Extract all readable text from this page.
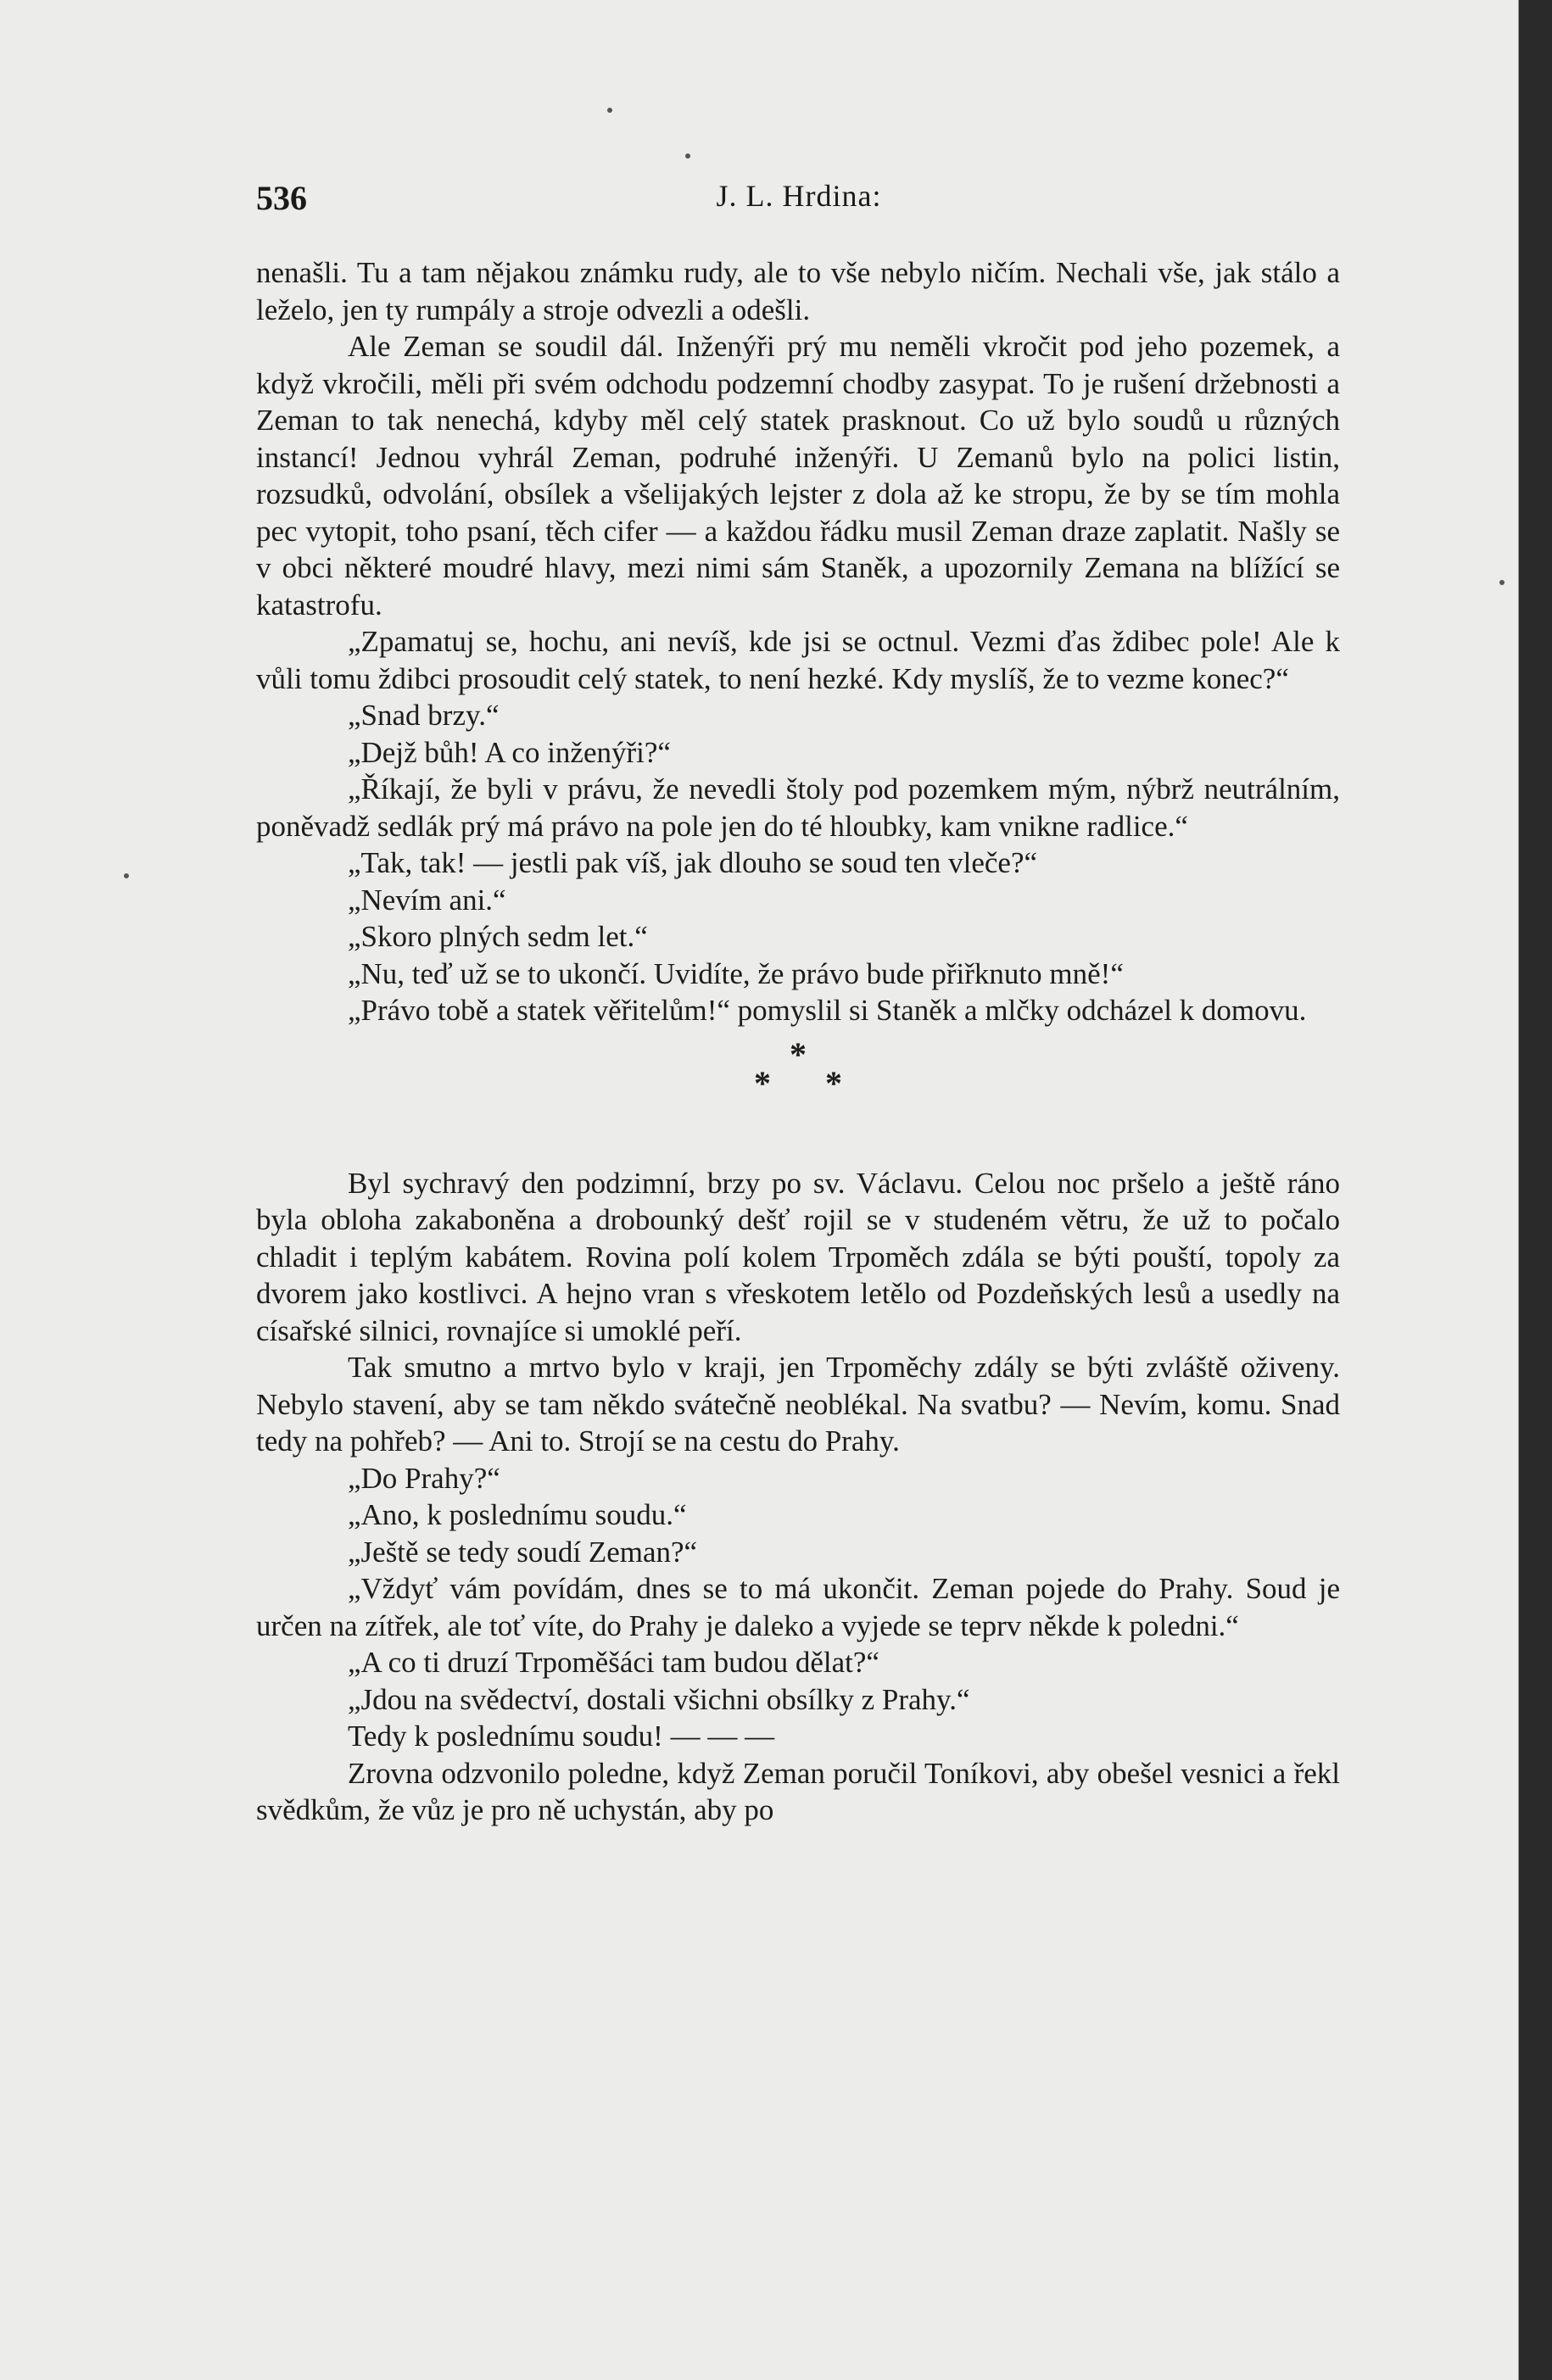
536	J. L. Hrdina:

nenašli. Tu a tam nějakou známku rudy, ale to vše nebylo ničím. Nechali vše, jak stálo a leželo, jen ty rumpály a stroje odvezli a odešli.

Ale Zeman se soudil dál. Inženýři prý mu neměli vkročit pod jeho pozemek, a když vkročili, měli při svém odchodu podzemní chodby zasypat. To je rušení držebnosti a Zeman to tak nenechá, kdyby měl celý statek prasknout. Co už bylo soudů u různých instancí! Jednou vyhrál Zeman, podruhé inženýři. U Zemanů bylo na polici listin, rozsudků, odvolání, obsílek a všelijakých lejster z dola až ke stropu, že by se tím mohla pec vytopit, toho psaní, těch cifer — a každou řádku musil Zeman draze zaplatit. Našly se v obci některé moudré hlavy, mezi nimi sám Staněk, a upozornily Zemana na blížící se katastrofu.

„Zpamatuj se, hochu, ani nevíš, kde jsi se octnul. Vezmi ďas ždibec pole! Ale k vůli tomu ždibci prosoudit celý statek, to není hezké. Kdy myslíš, že to vezme konec?“

„Snad brzy.“

„Dejž bůh! A co inženýři?“

„Říkají, že byli v právu, že nevedli štoly pod pozemkem mým, nýbrž neutrálním, poněvadž sedlák prý má právo na pole jen do té hloubky, kam vnikne radlice.“

„Tak, tak! — jestli pak víš, jak dlouho se soud ten vleče?“

„Nevím ani.“

„Skoro plných sedm let.“

„Nu, teď už se to ukončí. Uvidíte, že právo bude přiřknuto mně!“

„Právo tobě a statek věřitelům!“ pomyslil si Staněk a mlčky odcházel k domovu.

*
* *

Byl sychravý den podzimní, brzy po sv. Václavu. Celou noc pršelo a ještě ráno byla obloha zakaboněna a drobounký dešť rojil se v studeném větru, že už to počalo chladit i teplým kabátem. Rovina polí kolem Trpoměch zdála se býti pouští, topoly za dvorem jako kostlivci. A hejno vran s vřeskotem letělo od Pozdeňských lesů a usedly na císařské silnici, rovnajíce si umoklé peří.

Tak smutno a mrtvo bylo v kraji, jen Trpoměchy zdály se býti zvláště oživeny. Nebylo stavení, aby se tam někdo svátečně neoblékal. Na svatbu? — Nevím, komu. Snad tedy na pohřeb? — Ani to. Strojí se na cestu do Prahy.

„Do Prahy?“

„Ano, k poslednímu soudu.“

„Ještě se tedy soudí Zeman?“

„Vždyť vám povídám, dnes se to má ukončit. Zeman pojede do Prahy. Soud je určen na zítřek, ale toť víte, do Prahy je daleko a vyjede se teprv někde k poledni.“

„A co ti druzí Trpoměšáci tam budou dělat?“

„Jdou na svědectví, dostali všichni obsílky z Prahy.“

Tedy k poslednímu soudu! — — —

Zrovna odzvonilo poledne, když Zeman poručil Toníkovi, aby obešel vesnici a řekl svědkům, že vůz je pro ně uchystán, aby po
